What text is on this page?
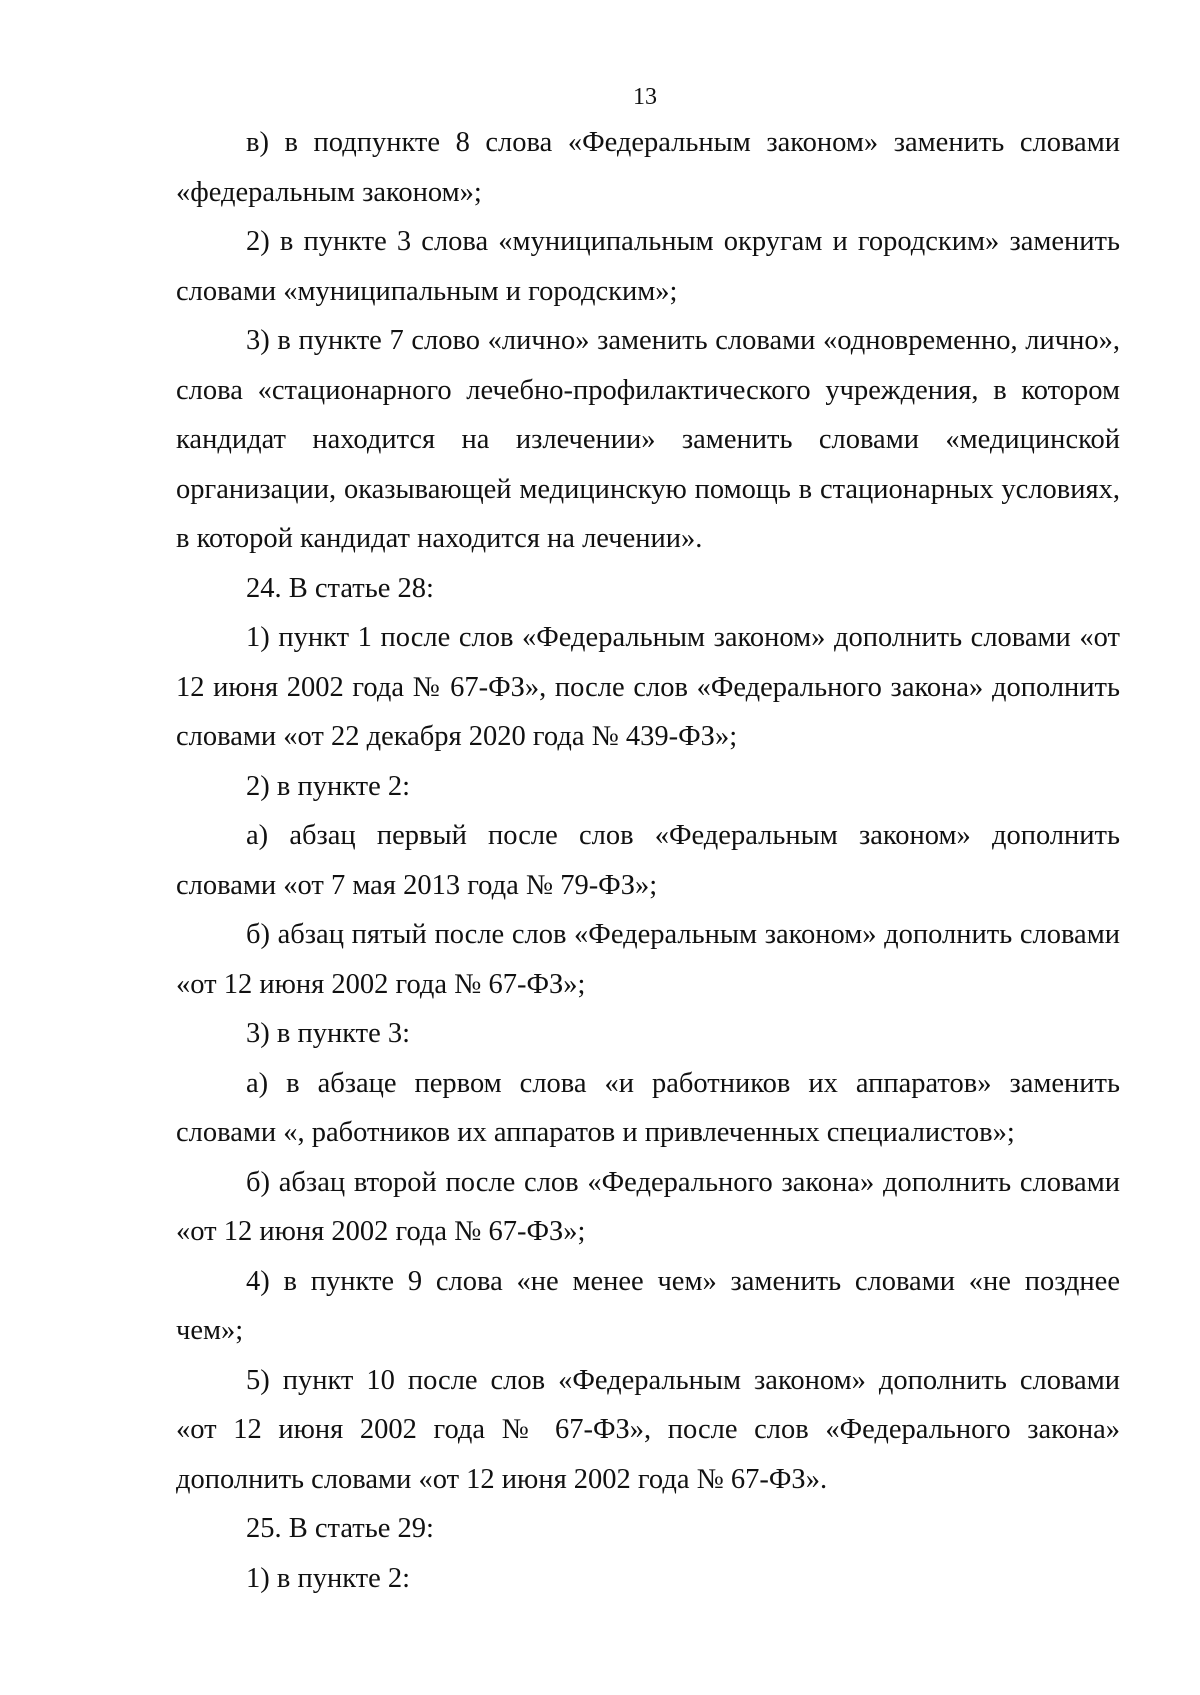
13

в) в подпункте 8 слова «Федеральным законом» заменить словами «федеральным законом»;

2) в пункте 3 слова «муниципальным округам и городским» заменить словами «муниципальным и городским»;

3) в пункте 7 слово «лично» заменить словами «одновременно, лично», слова «стационарного лечебно-профилактического учреждения, в котором кандидат находится на излечении» заменить словами «медицинской организации, оказывающей медицинскую помощь в стационарных условиях, в которой кандидат находится на лечении».

24. В статье 28:

1) пункт 1 после слов «Федеральным законом» дополнить словами «от 12 июня 2002 года № 67-ФЗ», после слов «Федерального закона» дополнить словами «от 22 декабря 2020 года № 439-ФЗ»;

2) в пункте 2:

а) абзац первый после слов «Федеральным законом» дополнить словами «от 7 мая 2013 года № 79-ФЗ»;

б) абзац пятый после слов «Федеральным законом» дополнить словами «от 12 июня 2002 года № 67-ФЗ»;

3) в пункте 3:

а) в абзаце первом слова «и работников их аппаратов» заменить словами «, работников их аппаратов и привлеченных специалистов»;

б) абзац второй после слов «Федерального закона» дополнить словами «от 12 июня 2002 года № 67-ФЗ»;

4) в пункте 9 слова «не менее чем» заменить словами «не позднее чем»;

5) пункт 10 после слов «Федеральным законом» дополнить словами «от 12 июня 2002 года № 67-ФЗ», после слов «Федерального закона» дополнить словами «от 12 июня 2002 года № 67-ФЗ».

25. В статье 29:

1) в пункте 2:
